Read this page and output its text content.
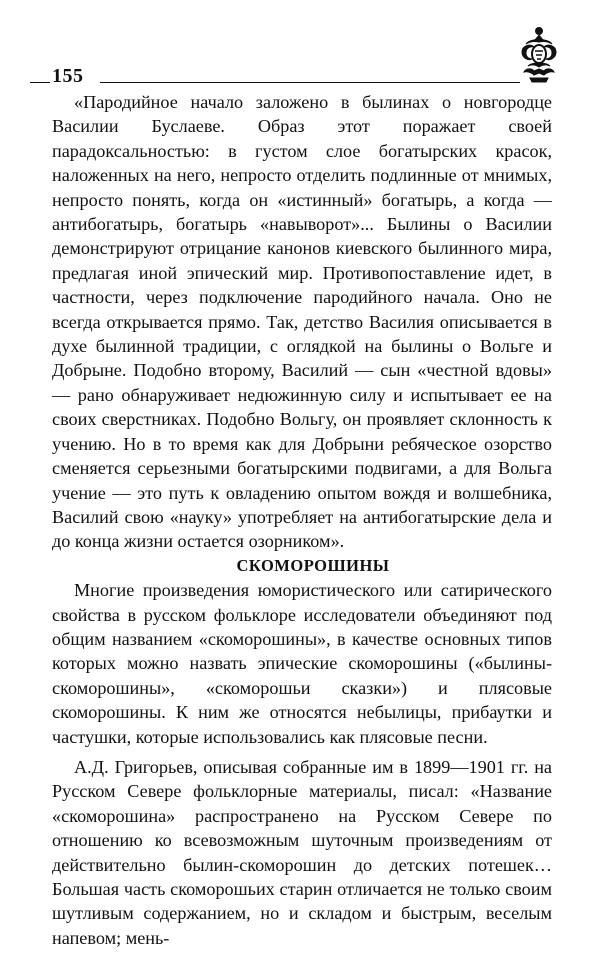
155

«Пародийное начало заложено в былинах о новгородце Василии Буслаеве. Образ этот поражает своей парадоксальностью: в густом слое богатырских красок, наложенных на него, непросто отделить подлинные от мнимых, непросто понять, когда он «истинный» богатырь, а когда — антибогатырь, богатырь «навыворот»... Былины о Василии демонстрируют отрицание канонов киевского былинного мира, предлагая иной эпический мир. Противопоставление идет, в частности, через подключение пародийного начала. Оно не всегда открывается прямо. Так, детство Василия описывается в духе былинной традиции, с оглядкой на былины о Вольге и Добрыне. Подобно второму, Василий — сын «честной вдовы» — рано обнаруживает недюжинную силу и испытывает ее на своих сверстниках. Подобно Вольгу, он проявляет склонность к учению. Но в то время как для Добрыни ребяческое озорство сменяется серьезными богатырскими подвигами, а для Вольга учение — это путь к овладению опытом вождя и волшебника, Василий свою «науку» употребляет на антибогатырские дела и до конца жизни остается озорником».

СКОМОРОШИНЫ

Многие произведения юмористического или сатирического свойства в русском фольклоре исследователи объединяют под общим названием «скоморошины», в качестве основных типов которых можно назвать эпические скоморошины («былины-скоморошины», «скоморошьи сказки») и плясовые скоморошины. К ним же относятся небылицы, прибаутки и частушки, которые использовались как плясовые песни.

А.Д. Григорьев, описывая собранные им в 1899—1901 гг. на Русском Севере фольклорные материалы, писал: «Название «скоморошина» распространено на Русском Севере по отношению ко всевозможным шуточным произведениям от действительно былин-скоморошин до детских потешек… Большая часть скоморошьих старин отличается не только своим шутливым содержанием, но и складом и быстрым, веселым напевом; мень-
